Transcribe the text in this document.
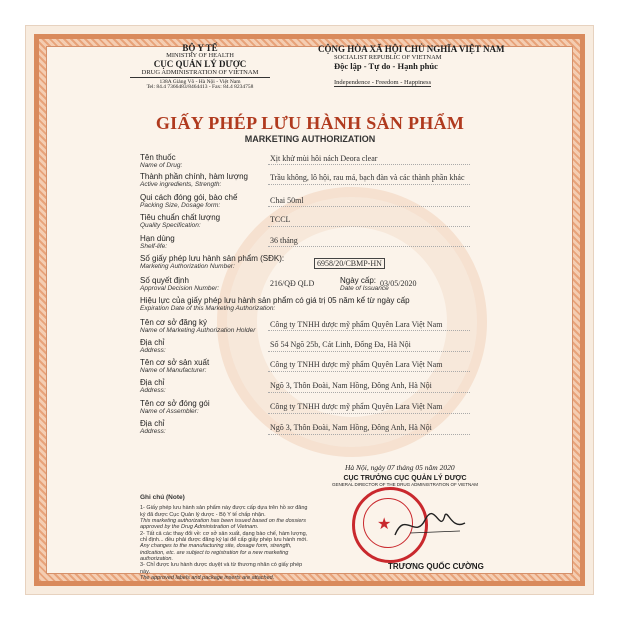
BỘ Y TẾ
MINISTRY OF HEALTH
CỤC QUẢN LÝ DƯỢC
DRUG ADMINISTRATION OF VIETNAM
138A Giảng Võ - Hà Nội - Việt Nam
Tel: 84.4 7366483/8464413 - Fax: 84.4 8234758
CỘNG HÒA XÃ HỘI CHỦ NGHĨA VIỆT NAM
SOCIALIST REPUBLIC OF VIETNAM
Độc lập - Tự do - Hạnh phúc
Independence - Freedom - Happiness
GIẤY PHÉP LƯU HÀNH SẢN PHẨM
MARKETING AUTHORIZATION
Tên thuốc
Name of Drug:
Xịt khử mùi hôi nách Deora clear
Thành phần chính, hàm lượng
Active ingredients, Strength:
Trầu không, lô hội, rau má, bạch đàn và các thành phần khác
Qui cách đóng gói, bào chế
Packing Size, Dosage form:
Chai 50ml
Tiêu chuẩn chất lượng
Quality Specification:
TCCL
Hạn dùng
Shelf-life:
36 tháng
Số giấy phép lưu hành sản phẩm (SĐK):
Marketing Authorization Number:	6958/20/CBMP-HN
Số quyết định
Approval Decision Number:
216/QĐ QLD	Ngày cấp:
Date of Issuance
03/05/2020
Hiệu lực của giấy phép lưu hành sản phẩm có giá trị 05 năm kể từ ngày cấp
Expiration Date of this Marketing Authorization:
Tên cơ sở đăng ký
Name of Marketing Authorization Holder
Công ty TNHH dược mỹ phẩm Quyên Lara Việt Nam
Địa chỉ
Address:
Số 54 Ngõ 25b, Cát Linh, Đống Đa, Hà Nội
Tên cơ sở sản xuất
Name of Manufacturer:
Công ty TNHH dược mỹ phẩm Quyên Lara Việt Nam
Địa chỉ
Address:
Ngõ 3, Thôn Đoài, Nam Hồng, Đông Anh, Hà Nội
Tên cơ sở đóng gói
Name of Assembler:
Công ty TNHH dược mỹ phẩm Quyên Lara Việt Nam
Địa chỉ
Address:	Ngõ 3, Thôn Đoài, Nam Hồng, Đông Anh, Hà Nội
Hà Nội, ngày 07 tháng 05 năm 2020
CỤC TRƯỞNG CỤC QUẢN LÝ DƯỢC
GENERAL DIRECTOR OF THE DRUG ADMINISTRATION OF VIETNAM
★
TRƯƠNG QUỐC CƯỜNG
Ghi chú (Note)
1- Giấy phép lưu hành sản phẩm này được cấp dựa trên hồ sơ đăng ký đã được Cục Quản lý dược - Bộ Y tế chấp nhận.
This marketing authorization has been issued based on the dossiers approved by the Drug Administration of Vietnam.
2- Tất cả các thay đổi về: cơ sở sản xuất, dạng bào chế, hàm lượng, chỉ định... đều phải được đăng ký lại để cấp giấy phép lưu hành mới.
Any changes to the manufacturing site, dosage form, strength, indication, etc. are subject to registration for a new marketing authorization.
3- Chỉ được lưu hành dược duyệt và từ thương nhân có giấy phép này.
The approved labels and package inserts are attached.
